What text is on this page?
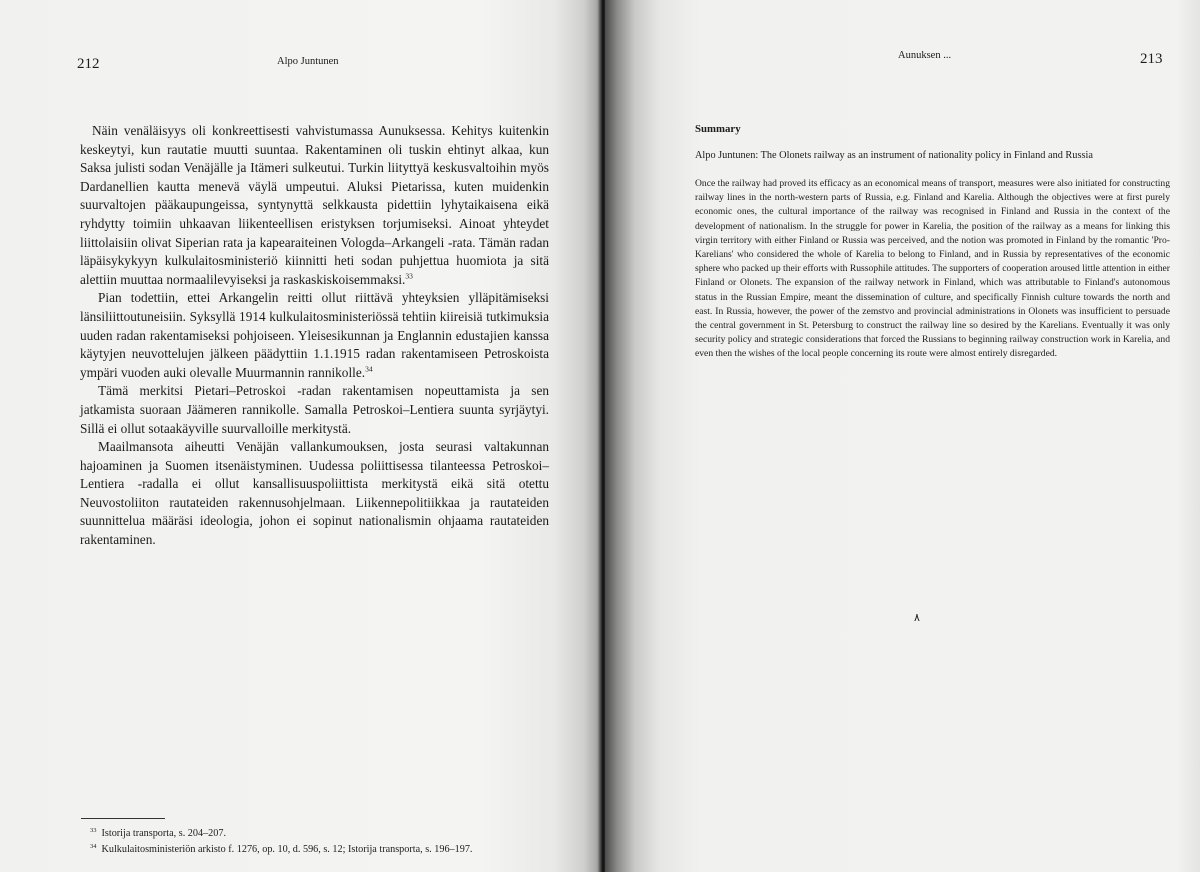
212	Alpo Juntunen

Näin venäläisyys oli konkreettisesti vahvistumassa Aunuksessa. Kehitys kuitenkin keskeytyi, kun rautatie muutti suuntaa. Rakentaminen oli tuskin ehtinyt alkaa, kun Saksa julisti sodan Venäjälle ja Itämeri sulkeutui. Turkin liityttyä keskusvaltoihin myös Dardanellien kautta menevä väylä umpeutui. Aluksi Pietarissa, kuten muidenkin suurvaltojen pääkaupungeissa, syntynyttä selkkausta pidettiin lyhytaikaisena eikä ryhdytty toimiin uhkaavan liikenteellisen eristyksen torjumiseksi. Ainoat yhteydet liittolaisiin olivat Siperian rata ja kapearaiteinen Vologda–Arkangeli -rata. Tämän radan läpäisykykyyn kulkulaitosministeriö kiinnitti heti sodan puhjettua huomiota ja sitä alettiin muuttaa normaalilevyiseksi ja raskaskiskoisemmaksi.$^{33}$

Pian todettiin, ettei Arkangelin reitti ollut riittävä yhteyksien ylläpitämiseksi länsiliittoutuneisiin. Syksyllä 1914 kulkulaitosministeriössä tehtiin kiireisiä tutkimuksia uuden radan rakentamiseksi pohjoiseen. Yleisesikunnan ja Englannin edustajien kanssa käytyjen neuvottelujen jälkeen päädyttiin 1.1.1915 radan rakentamiseen Petroskoista ympäri vuoden auki olevalle Muurmannin rannikolle.$^{34}$

Tämä merkitsi Pietari–Petroskoi -radan rakentamisen nopeuttamista ja sen jatkamista suoraan Jäämeren rannikolle. Samalla Petroskoi–Lentiera suunta syrjäytyi. Sillä ei ollut sotaakäyville suurvalloille merkitystä.

Maailmansota aiheutti Venäjän vallankumouksen, josta seurasi valtakunnan hajoaminen ja Suomen itsenäistyminen. Uudessa poliittisessa tilanteessa Petroskoi–Lentiera -radalla ei ollut kansallisuuspoliittista merkitystä eikä sitä otettu Neuvostoliiton rautateiden rakennusohjelmaan. Liikennepolitiikkaa ja rautateiden suunnittelua määräsi ideologia, johon ei sopinut nationalismin ohjaama rautateiden rakentaminen.

$^{33}$ Istorija transporta, s. 204–207.

$^{34}$ Kulkulaitosministeriön arkisto f. 1276, op. 10, d. 596, s. 12; Istorija transporta, s. 196–197.

Aunuksen ...	213
Summary
Alpo Juntunen: The Olonets railway as an instrument of nationality policy in Finland and Russia

Once the railway had proved its efficacy as an economical means of transport, measures were also initiated for constructing railway lines in the north-western parts of Russia, e.g. Finland and Karelia. Although the objectives were at first purely economic ones, the cultural importance of the railway was recognised in Finland and Russia in the context of the development of nationalism. In the struggle for power in Karelia, the position of the railway as a means for linking this virgin territory with either Finland or Russia was perceived, and the notion was promoted in Finland by the romantic 'Pro-Karelians' who considered the whole of Karelia to belong to Finland, and in Russia by representatives of the economic sphere who packed up their efforts with Russophile attitudes. The supporters of cooperation aroused little attention in either Finland or Olonets. The expansion of the railway network in Finland, which was attributable to Finland's autonomous status in the Russian Empire, meant the dissemination of culture, and specifically Finnish culture towards the north and east. In Russia, however, the power of the zemstvo and provincial administrations in Olonets was insufficient to persuade the central government in St. Petersburg to construct the railway line so desired by the Karelians. Eventually it was only security policy and strategic considerations that forced the Russians to beginning railway construction work in Karelia, and even then the wishes of the local people concerning its route were almost entirely disregarded.

٨
